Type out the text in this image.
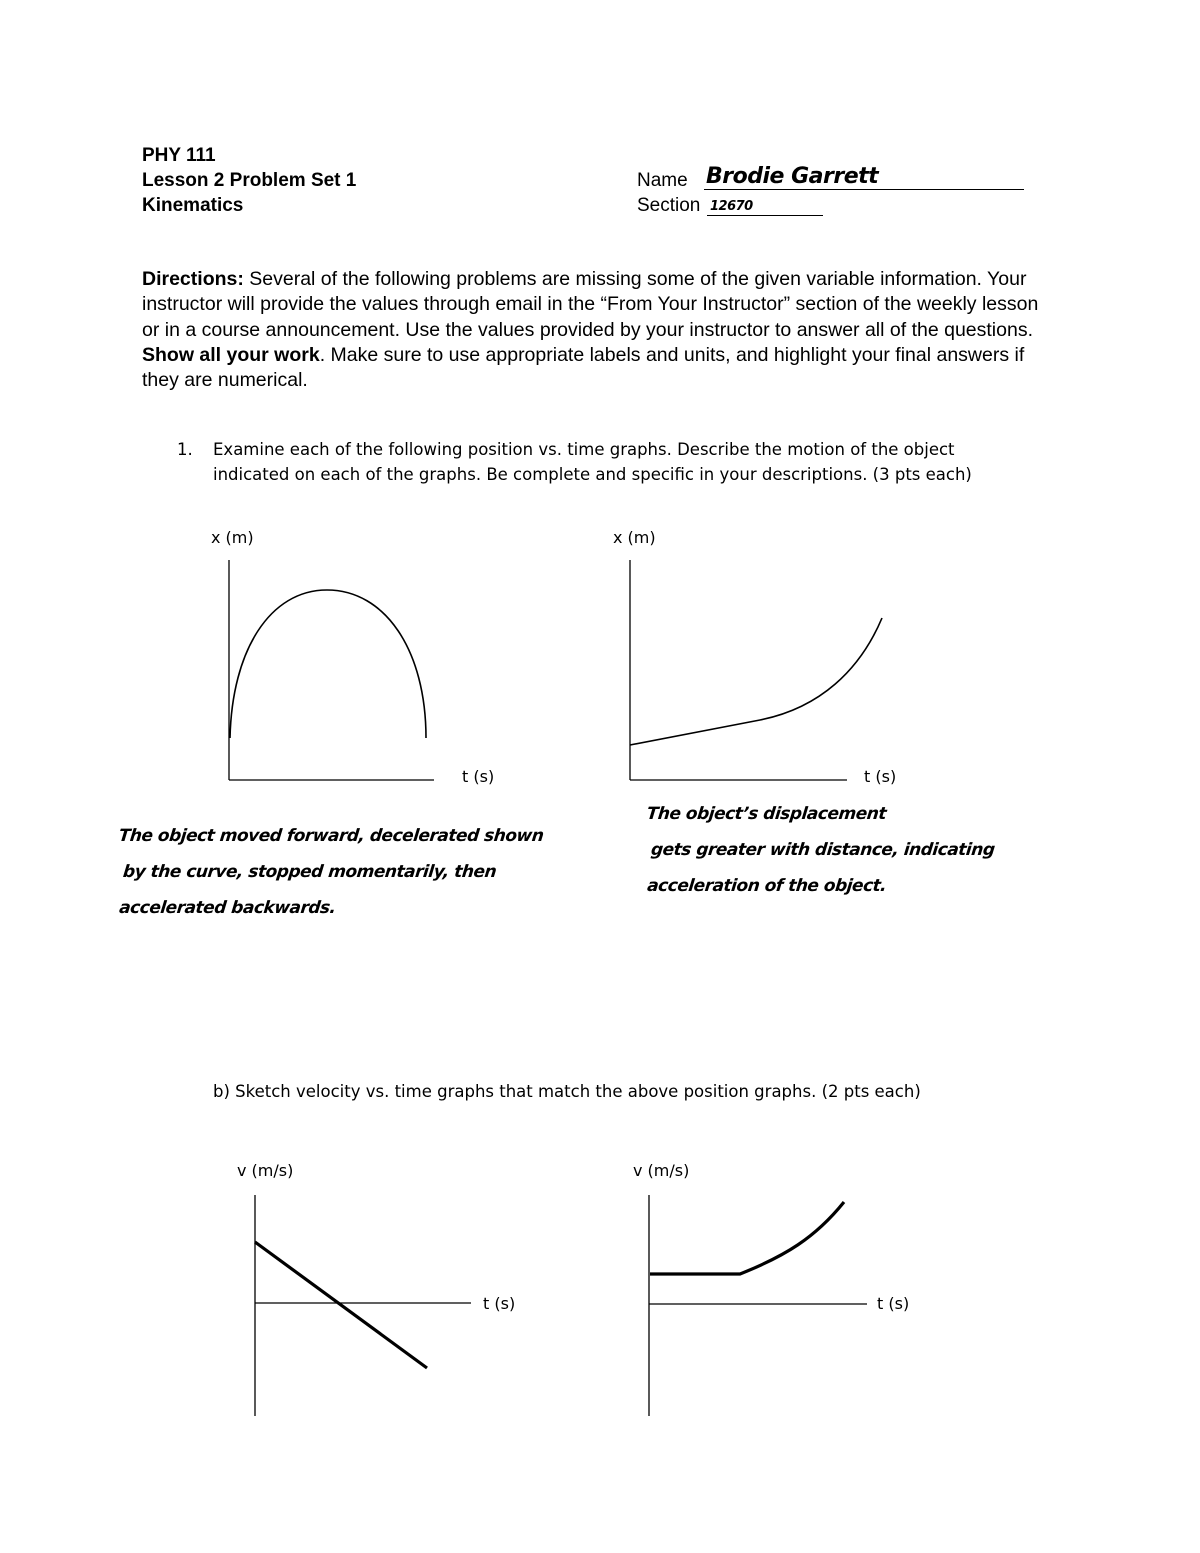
PHY 111
Lesson 2 Problem Set 1
Kinematics
Name Brodie Garrett
Section 12670
Directions: Several of the following problems are missing some of the given variable information. Your instructor will provide the values through email in the “From Your Instructor” section of the weekly lesson or in a course announcement. Use the values provided by your instructor to answer all of the questions. Show all your work. Make sure to use appropriate labels and units, and highlight your final answers if they are numerical.
1. Examine each of the following position vs. time graphs. Describe the motion of the object
indicated on each of the graphs. Be complete and specific in your descriptions. (3 pts each)
x (m)
t (s)
x (m)
t (s)
The object moved forward, decelerated shown
by the curve, stopped momentarily, then
accelerated backwards.
The objectʼs displacement
gets greater with distance, indicating
acceleration of the object.
b) Sketch velocity vs. time graphs that match the above position graphs. (2 pts each)
v (m/s)
t (s)
v (m/s)
t (s)
